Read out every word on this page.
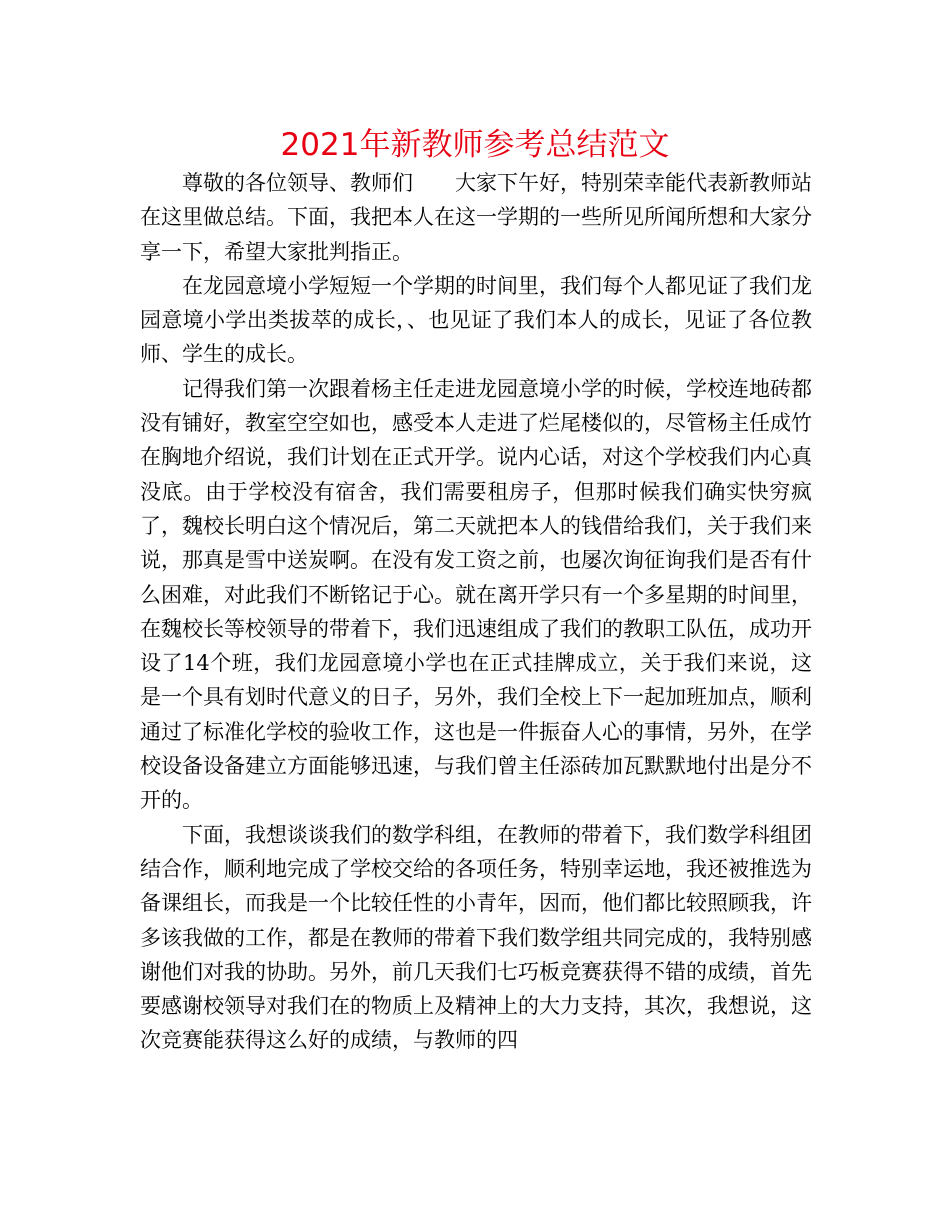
2021年新教师参考总结范文

尊敬的各位领导、教师们　　大家下午好，特别荣幸能代表新教师站在这里做总结。下面，我把本人在这一学期的一些所见所闻所想和大家分享一下，希望大家批判指正。

在龙园意境小学短短一个学期的时间里，我们每个人都见证了我们龙园意境小学出类拔萃的成长，、也见证了我们本人的成长，见证了各位教师、学生的成长。

记得我们第一次跟着杨主任走进龙园意境小学的时候，学校连地砖都没有铺好，教室空空如也，感受本人走进了烂尾楼似的，尽管杨主任成竹在胸地介绍说，我们计划在正式开学。说内心话，对这个学校我们内心真没底。由于学校没有宿舍，我们需要租房子，但那时候我们确实快穷疯了，魏校长明白这个情况后，第二天就把本人的钱借给我们，关于我们来说，那真是雪中送炭啊。在没有发工资之前，也屡次询征询我们是否有什么困难，对此我们不断铭记于心。就在离开学只有一个多星期的时间里，在魏校长等校领导的带着下，我们迅速组成了我们的教职工队伍，成功开设了14个班，我们龙园意境小学也在正式挂牌成立，关于我们来说，这是一个具有划时代意义的日子，另外，我们全校上下一起加班加点，顺利通过了标准化学校的验收工作，这也是一件振奋人心的事情，另外，在学校设备设备建立方面能够迅速，与我们曾主任添砖加瓦默默地付出是分不开的。

下面，我想谈谈我们的数学科组，在教师的带着下，我们数学科组团结合作，顺利地完成了学校交给的各项任务，特别幸运地，我还被推选为备课组长，而我是一个比较任性的小青年，因而，他们都比较照顾我，许多该我做的工作，都是在教师的带着下我们数学组共同完成的，我特别感谢他们对我的协助。另外，前几天我们七巧板竞赛获得不错的成绩，首先要感谢校领导对我们在的物质上及精神上的大力支持，其次，我想说，这次竞赛能获得这么好的成绩，与教师的四
